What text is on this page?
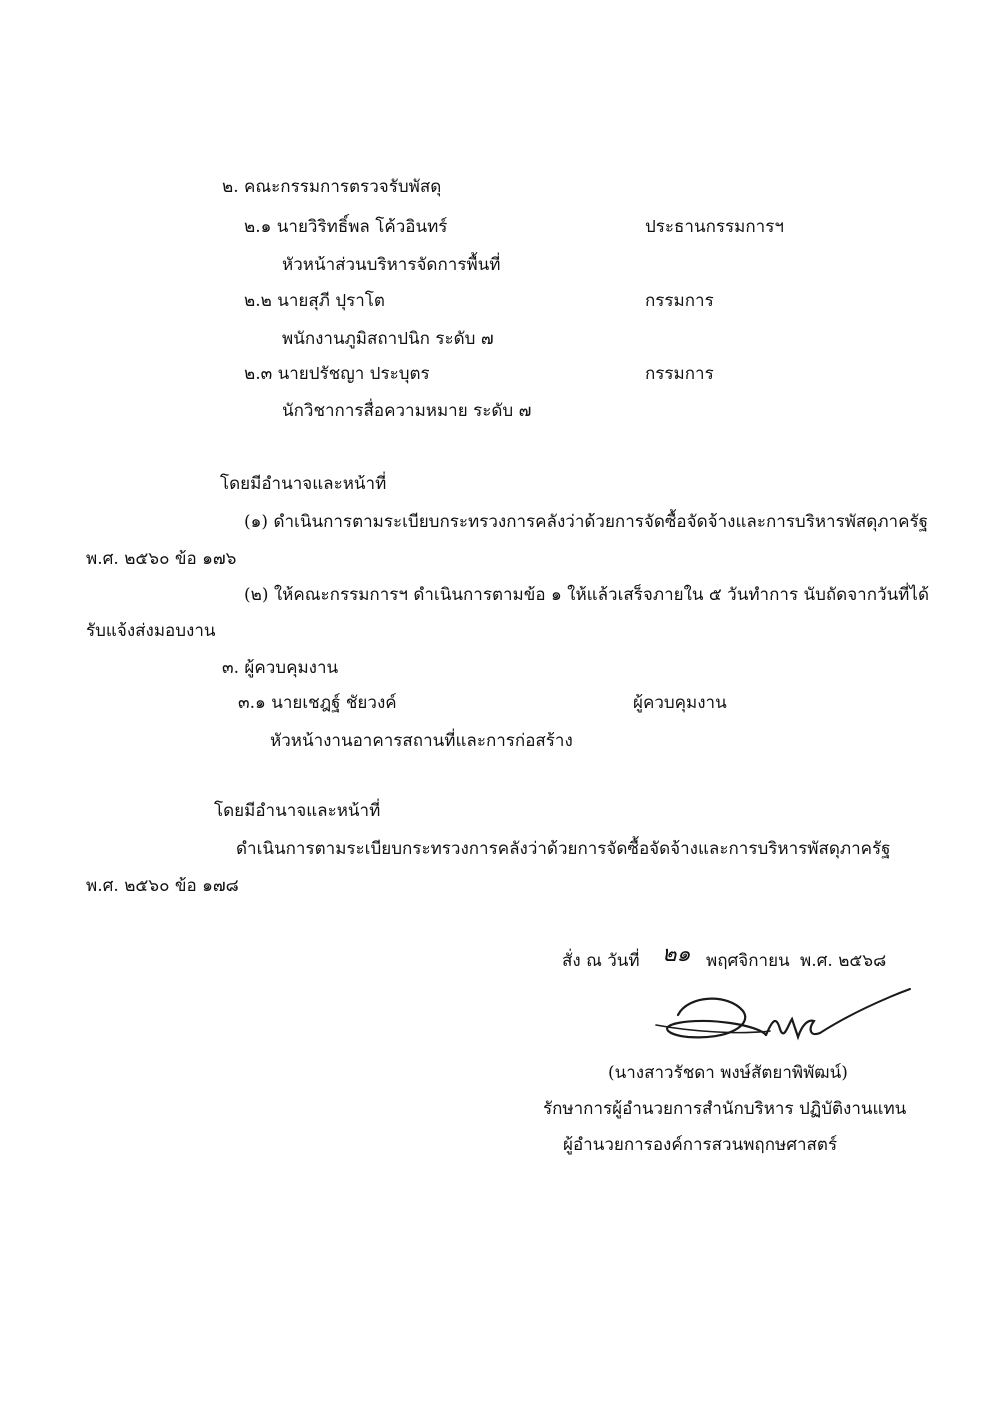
๒. คณะกรรมการตรวจรับพัสดุ
๒.๑ นายวิริทธิ์พล โค้วอินทร์	ประธานกรรมการฯ
หัวหน้าส่วนบริหารจัดการพื้นที่
๒.๒ นายสุภี ปุราโต	กรรมการ
พนักงานภูมิสถาปนิก ระดับ ๗
๒.๓ นายปรัชญา ประบุตร	กรรมการ
นักวิชาการสื่อความหมาย ระดับ ๗
โดยมีอำนาจและหน้าที่
(๑) ดำเนินการตามระเบียบกระทรวงการคลังว่าด้วยการจัดซื้อจัดจ้างและการบริหารพัสดุภาครัฐ
พ.ศ. ๒๕๖๐ ข้อ ๑๗๖
(๒) ให้คณะกรรมการฯ ดำเนินการตามข้อ ๑ ให้แล้วเสร็จภายใน ๕ วันทำการ นับถัดจากวันที่ได้
รับแจ้งส่งมอบงาน
๓. ผู้ควบคุมงาน
๓.๑ นายเชฎฐ์ ชัยวงค์	ผู้ควบคุมงาน
หัวหน้างานอาคารสถานที่และการก่อสร้าง
โดยมีอำนาจและหน้าที่
ดำเนินการตามระเบียบกระทรวงการคลังว่าด้วยการจัดซื้อจัดจ้างและการบริหารพัสดุภาครัฐ
พ.ศ. ๒๕๖๐ ข้อ ๑๗๘
สั่ง ณ วันที่ ๒๑ พฤศจิกายน พ.ศ. ๒๕๖๘
(นางสาวรัชดา พงษ์สัตยาพิพัฒน์)
รักษาการผู้อำนวยการสำนักบริหาร ปฏิบัติงานแทน
ผู้อำนวยการองค์การสวนพฤกษศาสตร์
